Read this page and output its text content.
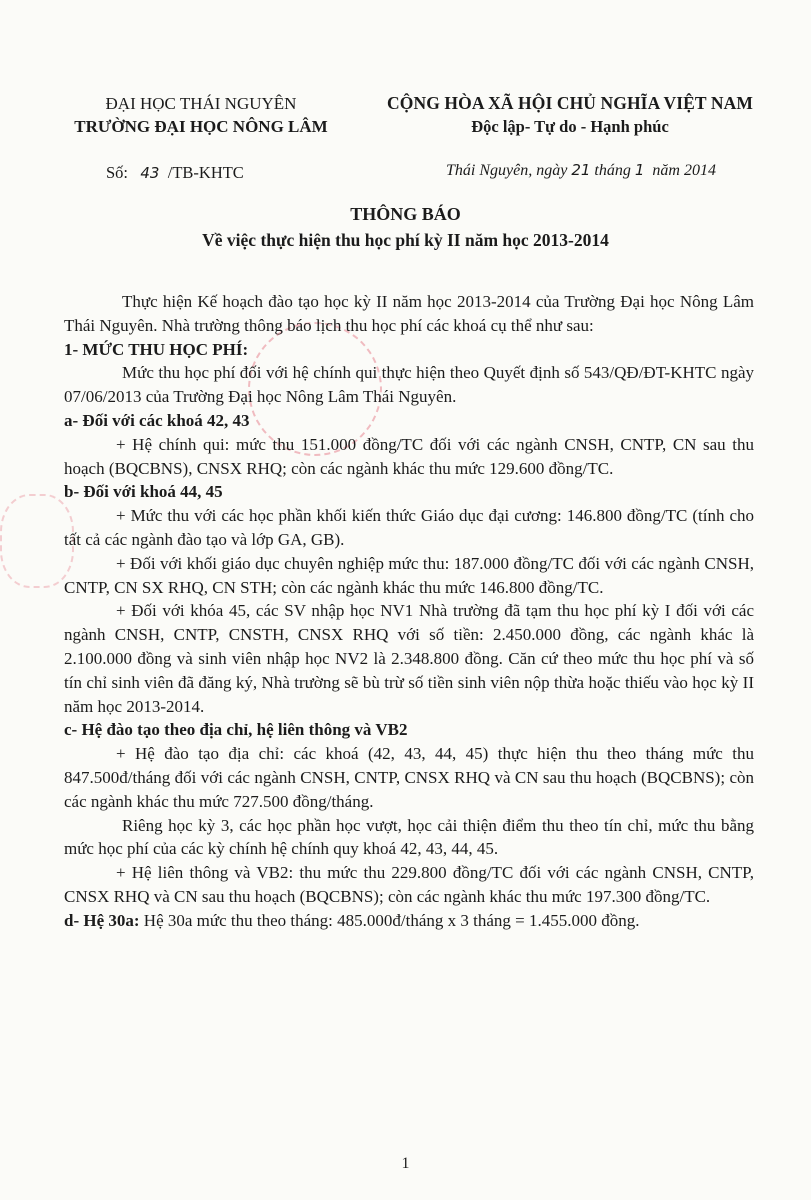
ĐẠI HỌC THÁI NGUYÊN
TRƯỜNG ĐẠI HỌC NÔNG LÂM
CỘNG HÒA XÃ HỘI CHỦ NGHĨA VIỆT NAM
Độc lập- Tự do - Hạnh phúc
Số: 43 /TB-KHTC	Thái Nguyên, ngày 21 tháng 1 năm 2014
THÔNG BÁO
Về việc thực hiện thu học phí kỳ II năm học 2013-2014

Thực hiện Kế hoạch đào tạo học kỳ II năm học 2013-2014 của Trường Đại học Nông Lâm Thái Nguyên. Nhà trường thông báo lịch thu học phí các khoá cụ thể như sau:

1- MỨC THU HỌC PHÍ:

Mức thu học phí đối với hệ chính qui thực hiện theo Quyết định số 543/QĐ/ĐT-KHTC ngày 07/06/2013 của Trường Đại học Nông Lâm Thái Nguyên.

a- Đối với các khoá 42, 43

+ Hệ chính qui: mức thu 151.000 đồng/TC đối với các ngành CNSH, CNTP, CN sau thu hoạch (BQCBNS), CNSX RHQ; còn các ngành khác thu mức 129.600 đồng/TC.

b- Đối với khoá 44, 45

+ Mức thu với các học phần khối kiến thức Giáo dục đại cương: 146.800 đồng/TC (tính cho tất cả các ngành đào tạo và lớp GA, GB).

+ Đối với khối giáo dục chuyên nghiệp mức thu: 187.000 đồng/TC đối với các ngành CNSH, CNTP, CN SX RHQ, CN STH; còn các ngành khác thu mức 146.800 đồng/TC.

+ Đối với khóa 45, các SV nhập học NV1 Nhà trường đã tạm thu học phí kỳ I đối với các ngành CNSH, CNTP, CNSTH, CNSX RHQ với số tiền: 2.450.000 đồng, các ngành khác là 2.100.000 đồng và sinh viên nhập học NV2 là 2.348.800 đồng. Căn cứ theo mức thu học phí và số tín chỉ sinh viên đã đăng ký, Nhà trường sẽ bù trừ số tiền sinh viên nộp thừa hoặc thiếu vào học kỳ II năm học 2013-2014.

c- Hệ đào tạo theo địa chỉ, hệ liên thông và VB2

+ Hệ đào tạo địa chỉ: các khoá (42, 43, 44, 45) thực hiện thu theo tháng mức thu 847.500đ/tháng đối với các ngành CNSH, CNTP, CNSX RHQ và CN sau thu hoạch (BQCBNS); còn các ngành khác thu mức 727.500 đồng/tháng.

Riêng học kỳ 3, các học phần học vượt, học cải thiện điểm thu theo tín chỉ, mức thu bằng mức học phí của các kỳ chính hệ chính quy khoá 42, 43, 44, 45.

+ Hệ liên thông và VB2: thu mức thu 229.800 đồng/TC đối với các ngành CNSH, CNTP, CNSX RHQ và CN sau thu hoạch (BQCBNS); còn các ngành khác thu mức 197.300 đồng/TC.

d- Hệ 30a: Hệ 30a mức thu theo tháng: 485.000đ/tháng x 3 tháng = 1.455.000 đồng.

1
